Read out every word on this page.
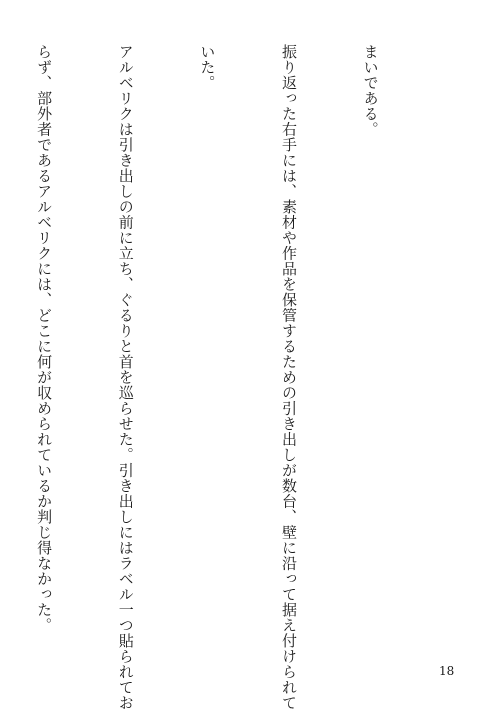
まいである。

振り返った右手には、素材や作品を保管するための引き出しが数台、壁に沿って据え付けられて

いた。

アルベリクは引き出しの前に立ち、ぐるりと首を巡らせた。引き出しにはラベル一つ貼られてお

らず、部外者であるアルベリクには、どこに何が収められているか判じ得なかった。

18
